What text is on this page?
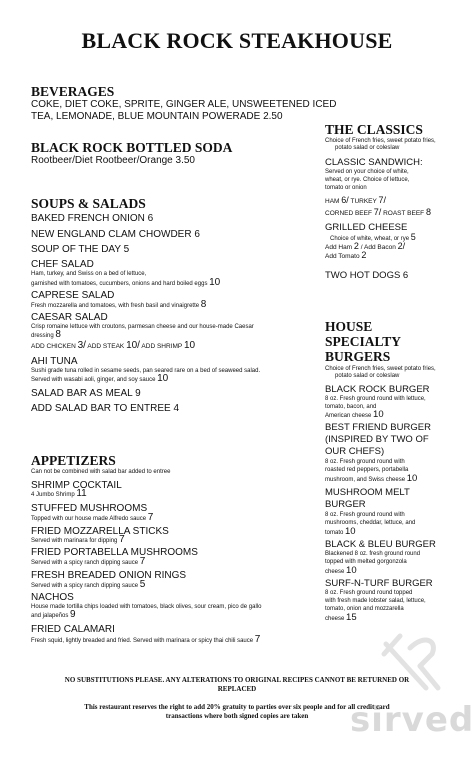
BLACK ROCK STEAKHOUSE
BEVERAGES
COKE, DIET COKE, SPRITE, GINGER ALE, UNSWEETENED ICED
TEA, LEMONADE, BLUE MOUNTAIN POWERADE 2.50
BLACK ROCK BOTTLED SODA
Rootbeer/Diet Rootbeer/Orange 3.50
SOUPS & SALADS
BAKED FRENCH ONION 6
NEW ENGLAND CLAM CHOWDER 6
SOUP OF THE DAY 5
CHEF SALAD
Ham, turkey, and Swiss on a bed of lettuce,
garnished with tomatoes, cucumbers, onions and hard boiled eggs 10
CAPRESE SALAD
Fresh mozzarella and tomatoes, with fresh basil and vinaigrette 8
CAESAR SALAD
Crisp romaine lettuce with croutons, parmesan cheese and our house-made Caesar
dressing 8
ADD CHICKEN 3/ ADD STEAK 10/ ADD SHRIMP 10
AHI TUNA
Sushi grade tuna rolled in sesame seeds, pan seared rare on a bed of seaweed salad.
Served with wasabi aoli, ginger, and soy sauce 10
SALAD BAR AS MEAL 9
ADD SALAD BAR TO ENTREE 4
APPETIZERS
Can not be combined with salad bar added to entree
SHRIMP COCKTAIL
4 Jumbo Shrimp 11
STUFFED MUSHROOMS
Topped with our house made Alfredo sauce 7
FRIED MOZZARELLA STICKS
Served with marinara for dipping 7
FRIED PORTABELLA MUSHROOMS
Served with a spicy ranch dipping sauce 7
FRESH BREADED ONION RINGS
Served with a spicy ranch dipping sauce 5
NACHOS
House made tortilla chips loaded with tomatoes, black olives, sour cream, pico de gallo
and jalapeños 9
FRIED CALAMARI
Fresh squid, lightly breaded and fried. Served with marinara or spicy thai chili sauce 7
THE CLASSICS
Choice of French fries, sweet potato fries,
potato salad or coleslaw
CLASSIC SANDWICH:
Served on your choice of white,
wheat, or rye. Choice of lettuce,
tomato or onion
HAM 6/ TURKEY 7/
CORNED BEEF 7/ ROAST BEEF 8
GRILLED CHEESE
Choice of white, wheat, or rye 5
Add Ham 2 / Add Bacon 2/
Add Tomato 2
TWO HOT DOGS 6
HOUSE
SPECIALTY
BURGERS
Choice of French fries, sweet potato fries,
potato salad or coleslaw
BLACK ROCK BURGER
8 oz. Fresh ground round with lettuce,
tomato, bacon, and
American cheese 10
BEST FRIEND BURGER
(INSPIRED BY TWO OF
OUR CHEFS)
8 oz. Fresh ground round with
roasted red peppers, portabella
mushroom, and Swiss cheese 10
MUSHROOM MELT
BURGER
8 oz. Fresh ground round with
mushrooms, cheddar, lettuce, and
tomato 10
BLACK & BLEU BURGER
Blackened 8 oz. fresh ground round
topped with melted gorgonzola
cheese 10
SURF-N-TURF BURGER
8 oz. Fresh ground round topped
with fresh made lobster salad, lettuce,
tomato, onion and mozzarella
cheese 15
sirved
NO SUBSTITUTIONS PLEASE. ANY ALTERATIONS TO ORIGINAL RECIPES CANNOT BE RETURNED OR
REPLACED
This restaurant reserves the right to add 20% gratuity to parties over six people and for all credit card
transactions where both signed copies are taken
